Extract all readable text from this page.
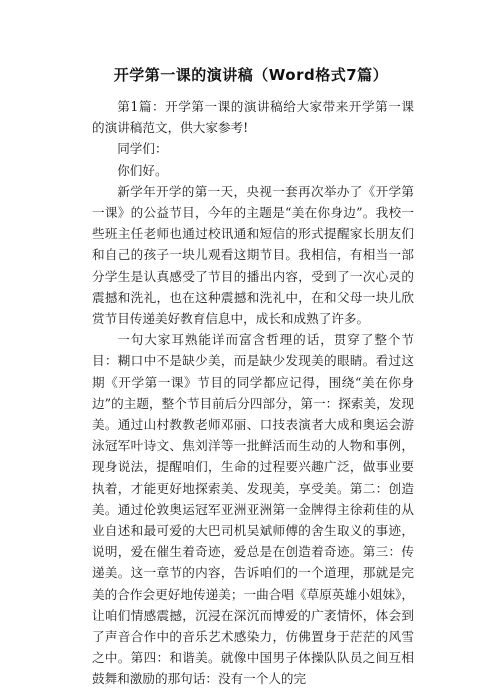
开学第一课的演讲稿（Word格式7篇）

第1篇：开学第一课的演讲稿给大家带来开学第一课的演讲稿范文，供大家参考!

同学们：

你们好。

新学年开学的第一天，央视一套再次举办了《开学第一课》的公益节目，今年的主题是“美在你身边”。我校一些班主任老师也通过校讯通和短信的形式提醒家长朋友们和自己的孩子一块儿观看这期节目。我相信，有相当一部分学生是认真感受了节目的播出内容，受到了一次心灵的震撼和洗礼，也在这种震撼和洗礼中，在和父母一块儿欣赏节目传递美好教育信息中，成长和成熟了许多。

一句大家耳熟能详而富含哲理的话，贯穿了整个节目：糊口中不是缺少美，而是缺少发现美的眼睛。看过这期《开学第一课》节目的同学都应记得，围绕“美在你身边”的主题，整个节目前后分四部分，第一：探索美，发现美。通过山村教教老师邓丽、口技表演者大成和奥运会游泳冠军叶诗文、焦刘洋等一批鲜活而生动的人物和事例，现身说法，提醒咱们，生命的过程要兴趣广泛，做事业要执着，才能更好地探索美、发现美，享受美。第二：创造美。通过伦敦奥运冠军亚洲亚洲第一金牌得主徐莉佳的从业自述和最可爱的大巴司机吴斌师傅的舍生取义的事迹，说明，爱在催生着奇迹，爱总是在创造着奇迹。第三：传递美。这一章节的内容，告诉咱们的一个道理，那就是完美的合作会更好地传递美；一曲合唱《草原英雄小姐妹》，让咱们情感震撼，沉浸在深沉而博爱的广袤情怀，体会到了声音合作中的音乐艺术感染力，仿佛置身于茫茫的风雪之中。第四：和谐美。就像中国男子体操队队员之间互相鼓舞和激励的那句话：没有一个人的完
